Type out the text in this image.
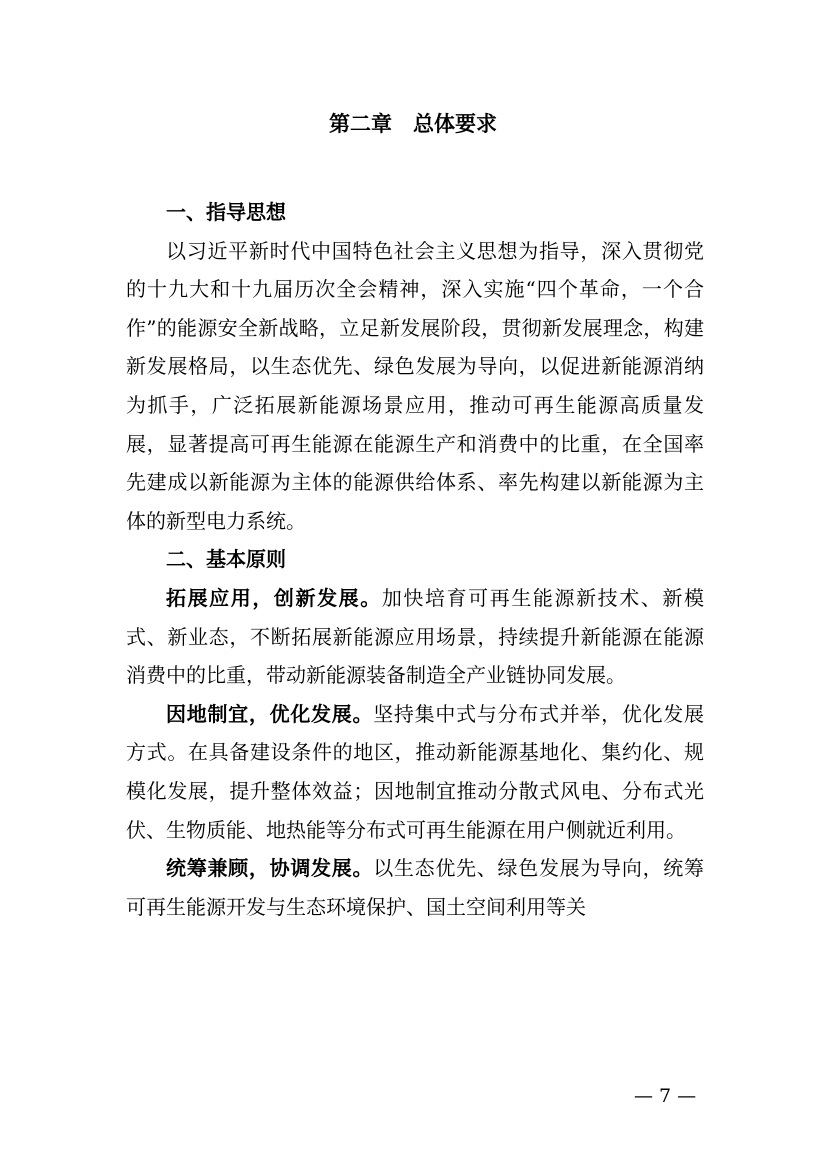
第二章　总体要求

一、指导思想

以习近平新时代中国特色社会主义思想为指导，深入贯彻党的十九大和十九届历次全会精神，深入实施“四个革命，一个合作”的能源安全新战略，立足新发展阶段，贯彻新发展理念，构建新发展格局，以生态优先、绿色发展为导向，以促进新能源消纳为抓手，广泛拓展新能源场景应用，推动可再生能源高质量发展，显著提高可再生能源在能源生产和消费中的比重，在全国率先建成以新能源为主体的能源供给体系、率先构建以新能源为主体的新型电力系统。

二、基本原则

拓展应用，创新发展。加快培育可再生能源新技术、新模式、新业态，不断拓展新能源应用场景，持续提升新能源在能源消费中的比重，带动新能源装备制造全产业链协同发展。

因地制宜，优化发展。坚持集中式与分布式并举，优化发展方式。在具备建设条件的地区，推动新能源基地化、集约化、规模化发展，提升整体效益；因地制宜推动分散式风电、分布式光伏、生物质能、地热能等分布式可再生能源在用户侧就近利用。

统筹兼顾，协调发展。以生态优先、绿色发展为导向，统筹可再生能源开发与生态环境保护、国土空间利用等关

— 7 —
